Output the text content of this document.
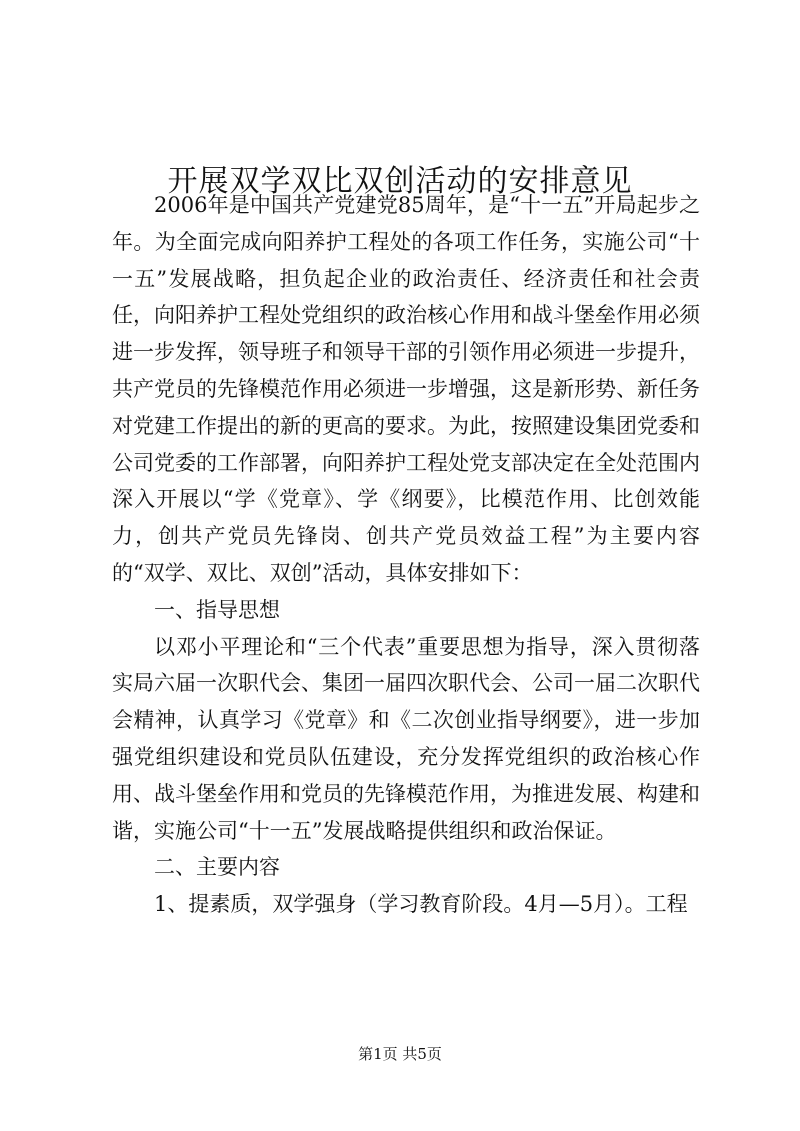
开展双学双比双创活动的安排意见

2006年是中国共产党建党85周年，是“十一五”开局起步之年。为全面完成向阳养护工程处的各项工作任务，实施公司“十一五”发展战略，担负起企业的政治责任、经济责任和社会责任，向阳养护工程处党组织的政治核心作用和战斗堡垒作用必须进一步发挥，领导班子和领导干部的引领作用必须进一步提升，共产党员的先锋模范作用必须进一步增强，这是新形势、新任务对党建工作提出的新的更高的要求。为此，按照建设集团党委和公司党委的工作部署，向阳养护工程处党支部决定在全处范围内深入开展以“学《党章》、学《纲要》，比模范作用、比创效能力，创共产党员先锋岗、创共产党员效益工程”为主要内容的“双学、双比、双创”活动，具体安排如下：

一、指导思想

以邓小平理论和“三个代表”重要思想为指导，深入贯彻落实局六届一次职代会、集团一届四次职代会、公司一届二次职代会精神，认真学习《党章》和《二次创业指导纲要》，进一步加强党组织建设和党员队伍建设，充分发挥党组织的政治核心作用、战斗堡垒作用和党员的先锋模范作用，为推进发展、构建和谐，实施公司“十一五”发展战略提供组织和政治保证。

二、主要内容

1、提素质，双学强身（学习教育阶段。4月—5月）。工程

第1页 共5页
